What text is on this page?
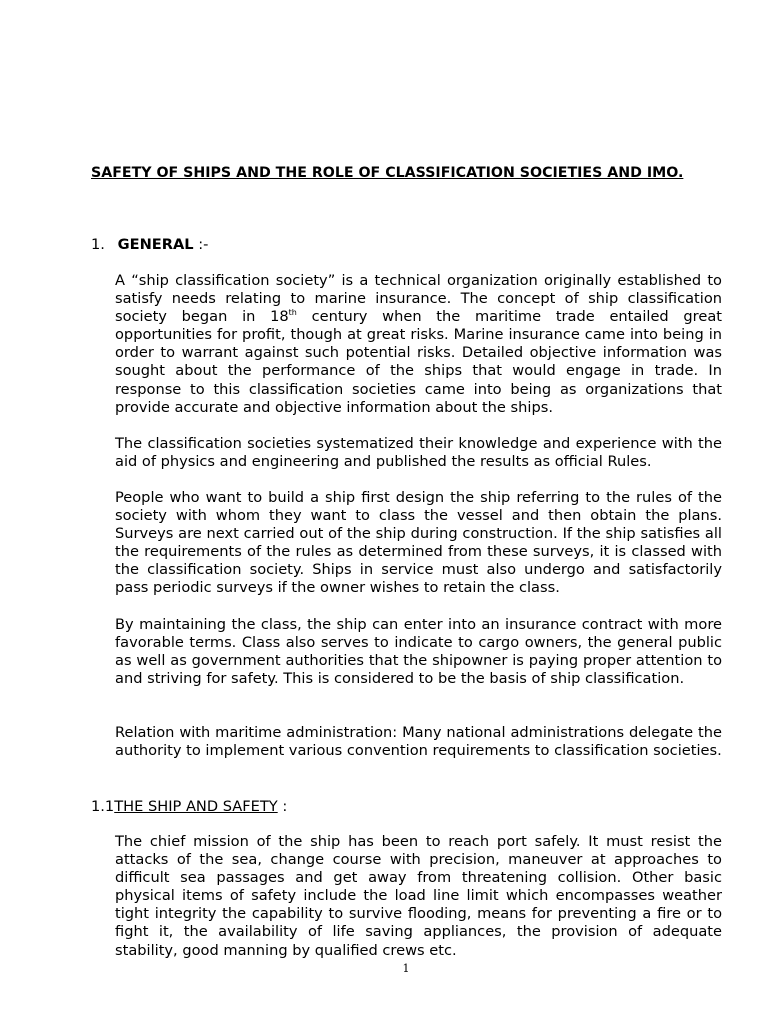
SAFETY OF SHIPS AND THE ROLE OF CLASSIFICATION SOCIETIES AND IMO.
1. GENERAL :-

A “ship classification society” is a technical organization originally established to satisfy needs relating to marine insurance. The concept of ship classification society began in 18th century when the maritime trade entailed great opportunities for profit, though at great risks. Marine insurance came into being in order to warrant against such potential risks. Detailed objective information was sought about the performance of the ships that would engage in trade. In response to this classification societies came into being as organizations that provide accurate and objective information about the ships.

The classification societies systematized their knowledge and experience with the aid of physics and engineering and published the results as official Rules.

People who want to build a ship first design the ship referring to the rules of the society with whom they want to class the vessel and then obtain the plans. Surveys are next carried out of the ship during construction. If the ship satisfies all the requirements of the rules as determined from these surveys, it is classed with the classification society. Ships in service must also undergo and satisfactorily pass periodic surveys if the owner wishes to retain the class.

By maintaining the class, the ship can enter into an insurance contract with more favorable terms. Class also serves to indicate to cargo owners, the general public as well as government authorities that the shipowner is paying proper attention to and striving for safety. This is considered to be the basis of ship classification.

Relation with maritime administration: Many national administrations delegate the authority to implement various convention requirements to classification societies.

1.1THE SHIP AND SAFETY :

The chief mission of the ship has been to reach port safely. It must resist the attacks of the sea, change course with precision, maneuver at approaches to difficult sea passages and get away from threatening collision. Other basic physical items of safety include the load line limit which encompasses weather tight integrity the capability to survive flooding, means for preventing a fire or to fight it, the availability of life saving appliances, the provision of adequate stability, good manning by qualified crews etc.

1
